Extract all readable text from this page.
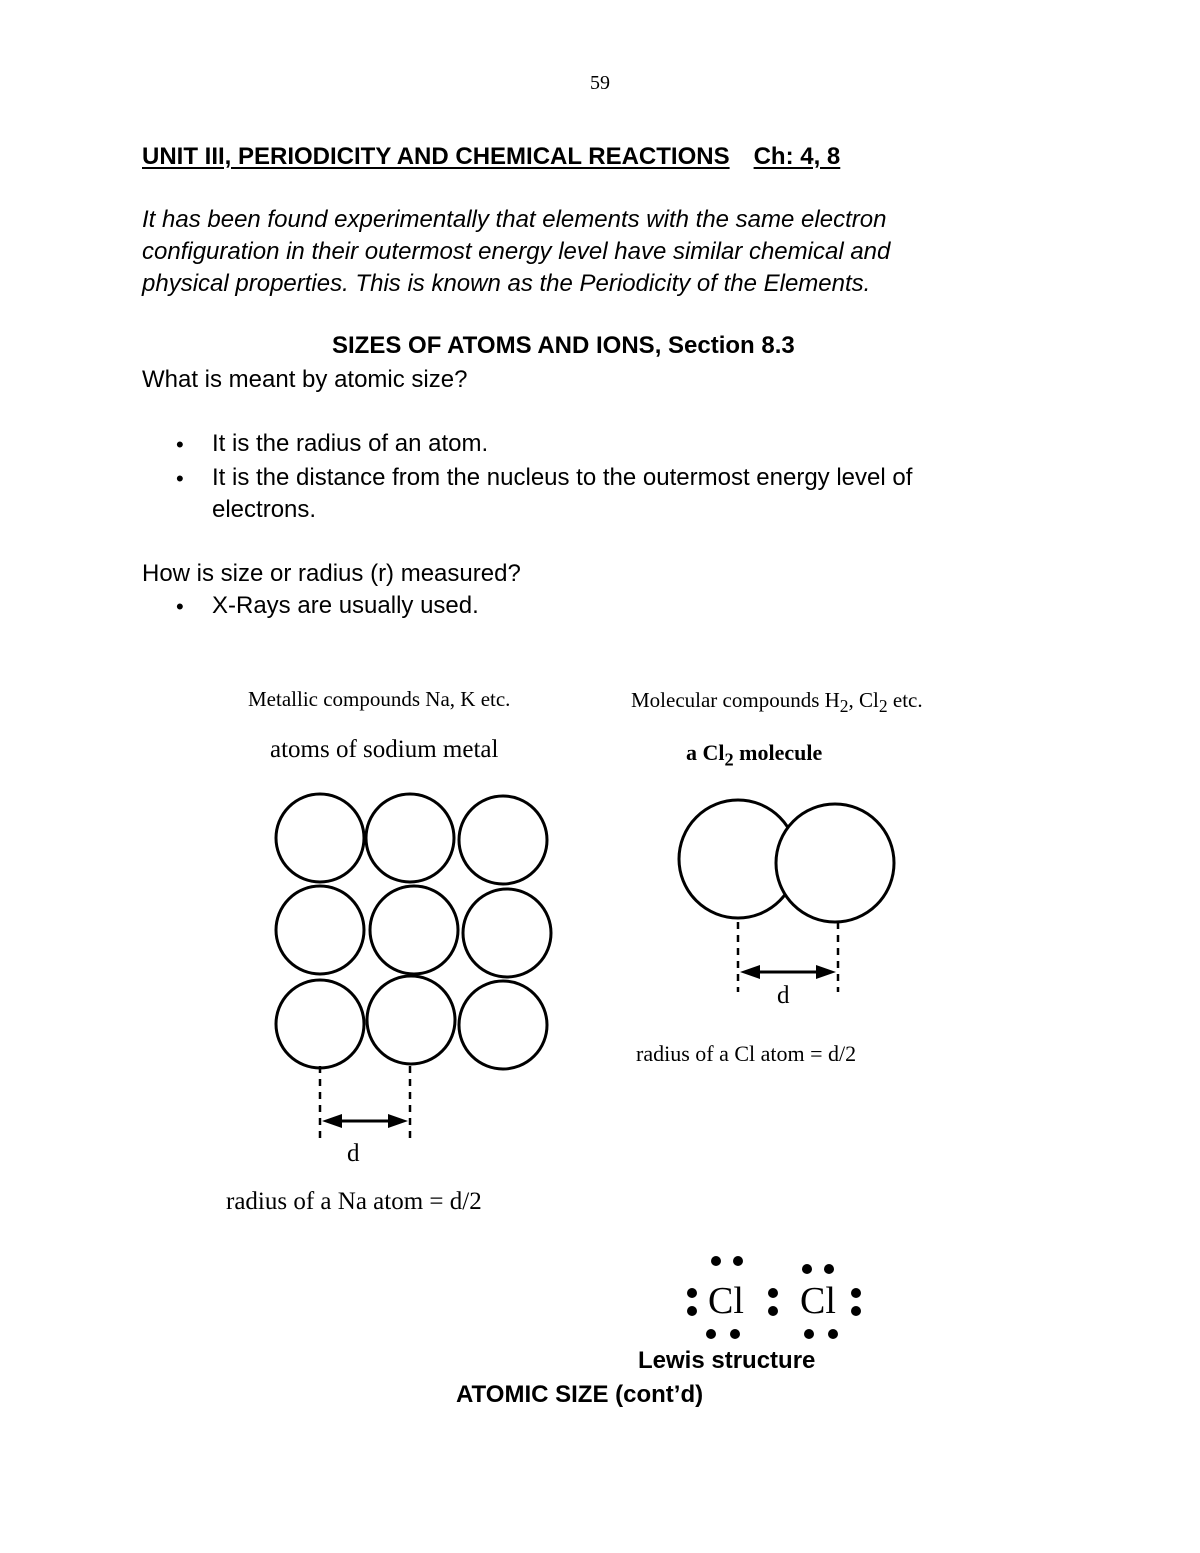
59
UNIT III, PERIODICITY AND CHEMICAL REACTIONS Ch: 4, 8
It has been found experimentally that elements with the same electron
configuration in their outermost energy level have similar chemical and
physical properties. This is known as the Periodicity of the Elements.
SIZES OF ATOMS AND IONS, Section 8.3
What is meant by atomic size?
• It is the radius of an atom.
• It is the distance from the nucleus to the outermost energy level of
electrons.
How is size or radius (r) measured?
• X-Rays are usually used.
Metallic compounds Na, K etc.
atoms of sodium metal
d
radius of a Na atom = d/2
Molecular compounds $H_2$, $Cl_2$ etc.
a $Cl_2$ molecule
d
radius of a Cl atom = d/2
Cl Cl
Lewis structure
ATOMIC SIZE (cont’d)
